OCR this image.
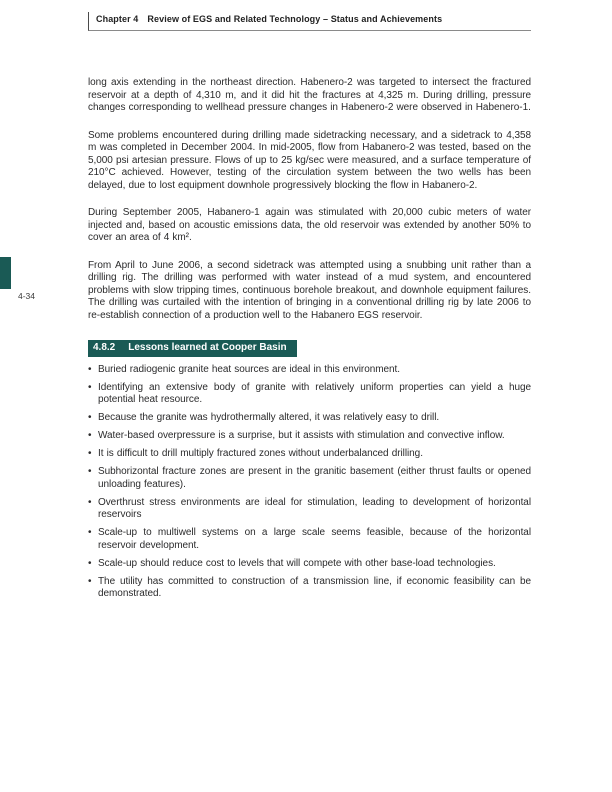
4-34
Chapter 4 Review of EGS and Related Technology – Status and Achievements

long axis extending in the northeast direction. Habenero-2 was targeted to intersect the fractured reservoir at a depth of 4,310 m, and it did hit the fractures at 4,325 m. During drilling, pressure changes corresponding to wellhead pressure changes in Habenero-2 were observed in Habenero-1.

Some problems encountered during drilling made sidetracking necessary, and a sidetrack to 4,358 m was completed in December 2004. In mid-2005, flow from Habanero-2 was tested, based on the 5,000 psi artesian pressure. Flows of up to 25 kg/sec were measured, and a surface temperature of 210°C achieved. However, testing of the circulation system between the two wells has been delayed, due to lost equipment downhole progressively blocking the flow in Habanero-2.

During September 2005, Habanero-1 again was stimulated with 20,000 cubic meters of water injected and, based on acoustic emissions data, the old reservoir was extended by another 50% to cover an area of 4 km².

From April to June 2006, a second sidetrack was attempted using a snubbing unit rather than a drilling rig. The drilling was performed with water instead of a mud system, and encountered problems with slow tripping times, continuous borehole breakout, and downhole equipment failures. The drilling was curtailed with the intention of bringing in a conventional drilling rig by late 2006 to re-establish connection of a production well to the Habanero EGS reservoir.

4.8.2 Lessons learned at Cooper Basin
• Buried radiogenic granite heat sources are ideal in this environment.
• Identifying an extensive body of granite with relatively uniform properties can yield a huge potential heat resource.
• Because the granite was hydrothermally altered, it was relatively easy to drill.
• Water-based overpressure is a surprise, but it assists with stimulation and convective inflow.
• It is difficult to drill multiply fractured zones without underbalanced drilling.
• Subhorizontal fracture zones are present in the granitic basement (either thrust faults or opened unloading features).
• Overthrust stress environments are ideal for stimulation, leading to development of horizontal reservoirs
• Scale-up to multiwell systems on a large scale seems feasible, because of the horizontal reservoir development.
• Scale-up should reduce cost to levels that will compete with other base-load technologies.
• The utility has committed to construction of a transmission line, if economic feasibility can be demonstrated.
